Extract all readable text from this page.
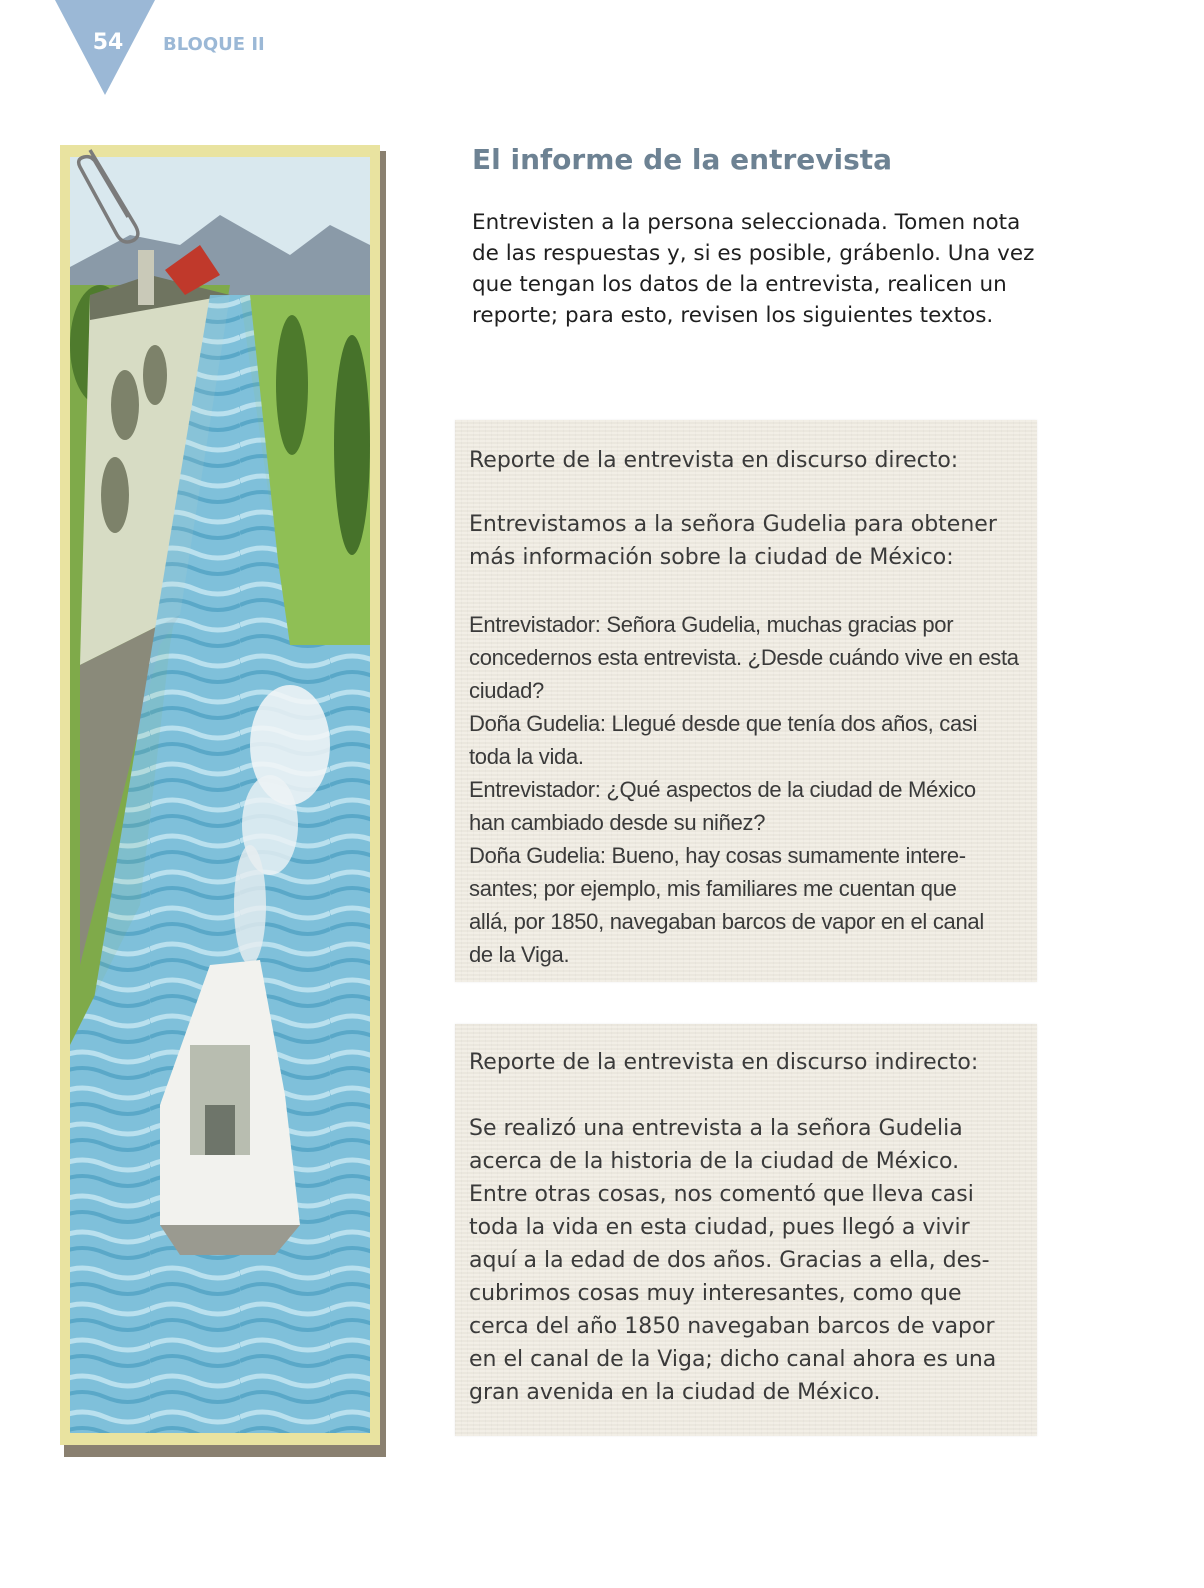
54 BLOQUE II
El informe de la entrevista
Entrevisten a la persona seleccionada. Tomen nota
de las respuestas y, si es posible, grábenlo. Una vez
que tengan los datos de la entrevista, realicen un
reporte; para esto, revisen los siguientes textos.
Reporte de la entrevista en discurso directo:
Entrevistamos a la señora Gudelia para obtener
más información sobre la ciudad de México:
Entrevistador: Señora Gudelia, muchas gracias por
concedernos esta entrevista. ¿Desde cuándo vive en esta
ciudad?
Doña Gudelia: Llegué desde que tenía dos años, casi
toda la vida.
Entrevistador: ¿Qué aspectos de la ciudad de México
han cambiado desde su niñez?
Doña Gudelia: Bueno, hay cosas sumamente intere-
santes; por ejemplo, mis familiares me cuentan que
allá, por 1850, navegaban barcos de vapor en el canal
de la Viga.
Reporte de la entrevista en discurso indirecto:
Se realizó una entrevista a la señora Gudelia
acerca de la historia de la ciudad de México.
Entre otras cosas, nos comentó que lleva casi
toda la vida en esta ciudad, pues llegó a vivir
aquí a la edad de dos años. Gracias a ella, des-
cubrimos cosas muy interesantes, como que
cerca del año 1850 navegaban barcos de vapor
en el canal de la Viga; dicho canal ahora es una
gran avenida en la ciudad de México.
